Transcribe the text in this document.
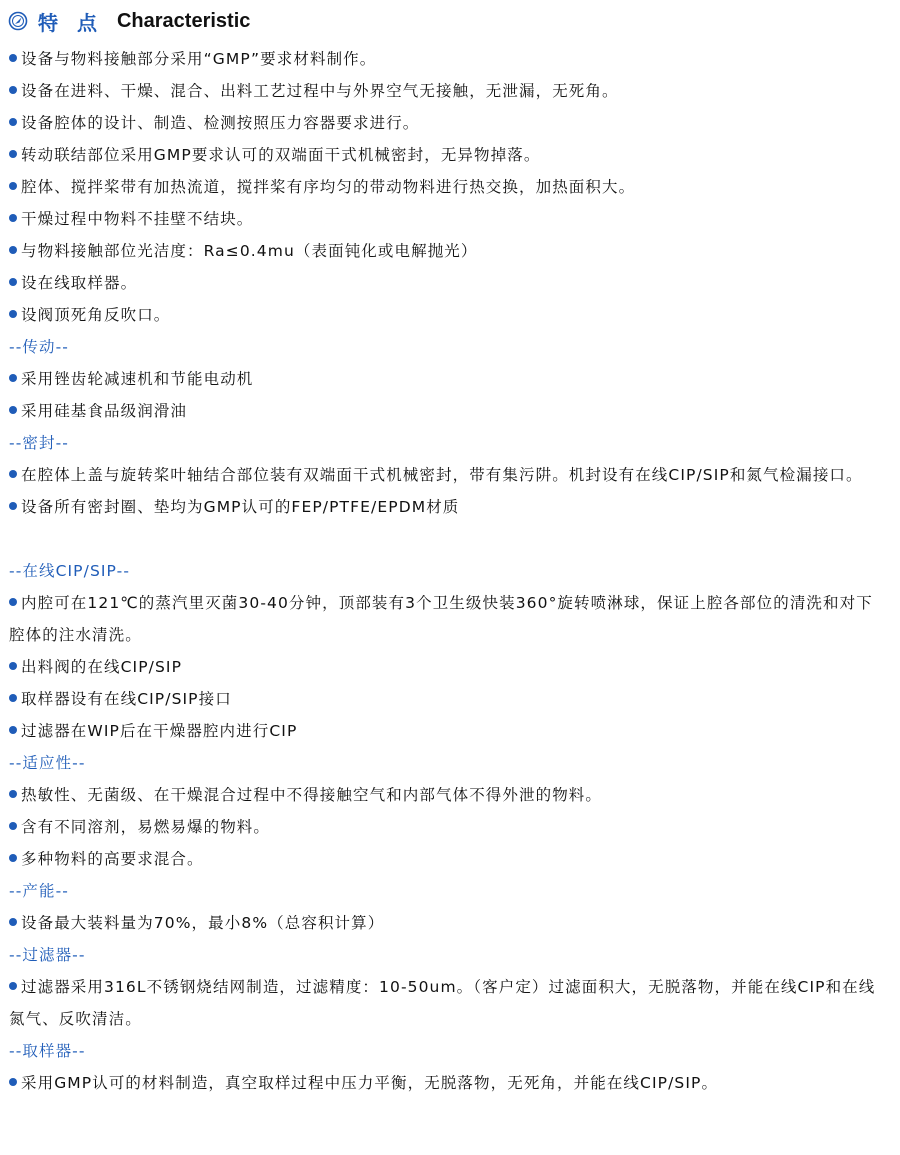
特 点 Characteristic
设备与物料接触部分采用“GMP”要求材料制作。
设备在进料、干燥、混合、出料工艺过程中与外界空气无接触，无泄漏，无死角。
设备腔体的设计、制造、检测按照压力容器要求进行。
转动联结部位采用GMP要求认可的双端面干式机械密封，无异物掉落。
腔体、搅拌桨带有加热流道，搅拌桨有序均匀的带动物料进行热交换，加热面积大。
干燥过程中物料不挂壁不结块。
与物料接触部位光洁度：Ra≤0.4mu（表面钝化或电解抛光）
设在线取样器。
设阀顶死角反吹口。
--传动--
采用锉齿轮减速机和节能电动机
采用硅基食品级润滑油
--密封--
在腔体上盖与旋转桨叶轴结合部位装有双端面干式机械密封，带有集污阱。机封设有在线CIP/SIP和氮气检漏接口。
设备所有密封圈、垫均为GMP认可的FEP/PTFE/EPDM材质
--在线CIP/SIP--
内腔可在121℃的蒸汽里灭菌30-40分钟，顶部装有3个卫生级快装360°旋转喷淋球，保证上腔各部位的清洗和对下腔体的注水清洗。
出料阀的在线CIP/SIP
取样器设有在线CIP/SIP接口
过滤器在WIP后在干燥器腔内进行CIP
--适应性--
热敏性、无菌级、在干燥混合过程中不得接触空气和内部气体不得外泄的物料。
含有不同溶剂，易燃易爆的物料。
多种物料的高要求混合。
--产能--
设备最大装料量为70%，最小8%（总容积计算）
--过滤器--
过滤器采用316L不锈钢烧结网制造，过滤精度：10-50um。（客户定）过滤面积大，无脱落物，并能在线CIP和在线氮气、反吹清洁。
--取样器--
采用GMP认可的材料制造，真空取样过程中压力平衡，无脱落物，无死角，并能在线CIP/SIP。
